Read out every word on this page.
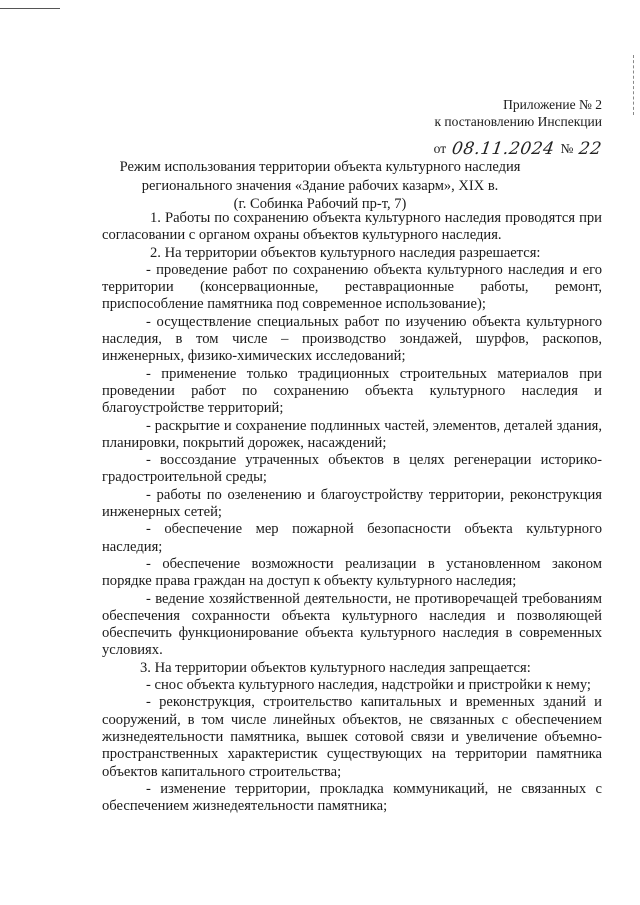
Приложение № 2
к постановлению Инспекции
от 08.11.2024 № 22
Режим использования территории объекта культурного наследия
регионального значения «Здание рабочих казарм», XIX в.
(г. Собинка Рабочий пр-т, 7)

1. Работы по сохранению объекта культурного наследия проводятся при согласовании с органом охраны объектов культурного наследия.

2. На территории объектов культурного наследия разрешается:

- проведение работ по сохранению объекта культурного наследия и его территории (консервационные, реставрационные работы, ремонт, приспособление памятника под современное использование);

- осуществление специальных работ по изучению объекта культурного наследия, в том числе – производство зондажей, шурфов, раскопов, инженерных, физико-химических исследований;

- применение только традиционных строительных материалов при проведении работ по сохранению объекта культурного наследия и благоустройстве территорий;

- раскрытие и сохранение подлинных частей, элементов, деталей здания, планировки, покрытий дорожек, насаждений;

- воссоздание утраченных объектов в целях регенерации историко-градостроительной среды;

- работы по озеленению и благоустройству территории, реконструкция инженерных сетей;

- обеспечение мер пожарной безопасности объекта культурного наследия;

- обеспечение возможности реализации в установленном законом порядке права граждан на доступ к объекту культурного наследия;

- ведение хозяйственной деятельности, не противоречащей требованиям обеспечения сохранности объекта культурного наследия и позволяющей обеспечить функционирование объекта культурного наследия в современных условиях.

3. На территории объектов культурного наследия запрещается:

- снос объекта культурного наследия, надстройки и пристройки к нему;

- реконструкция, строительство капитальных и временных зданий и сооружений, в том числе линейных объектов, не связанных с обеспечением жизнедеятельности памятника, вышек сотовой связи и увеличение объемно-пространственных характеристик существующих на территории памятника объектов капитального строительства;

- изменение территории, прокладка коммуникаций, не связанных с обеспечением жизнедеятельности памятника;
